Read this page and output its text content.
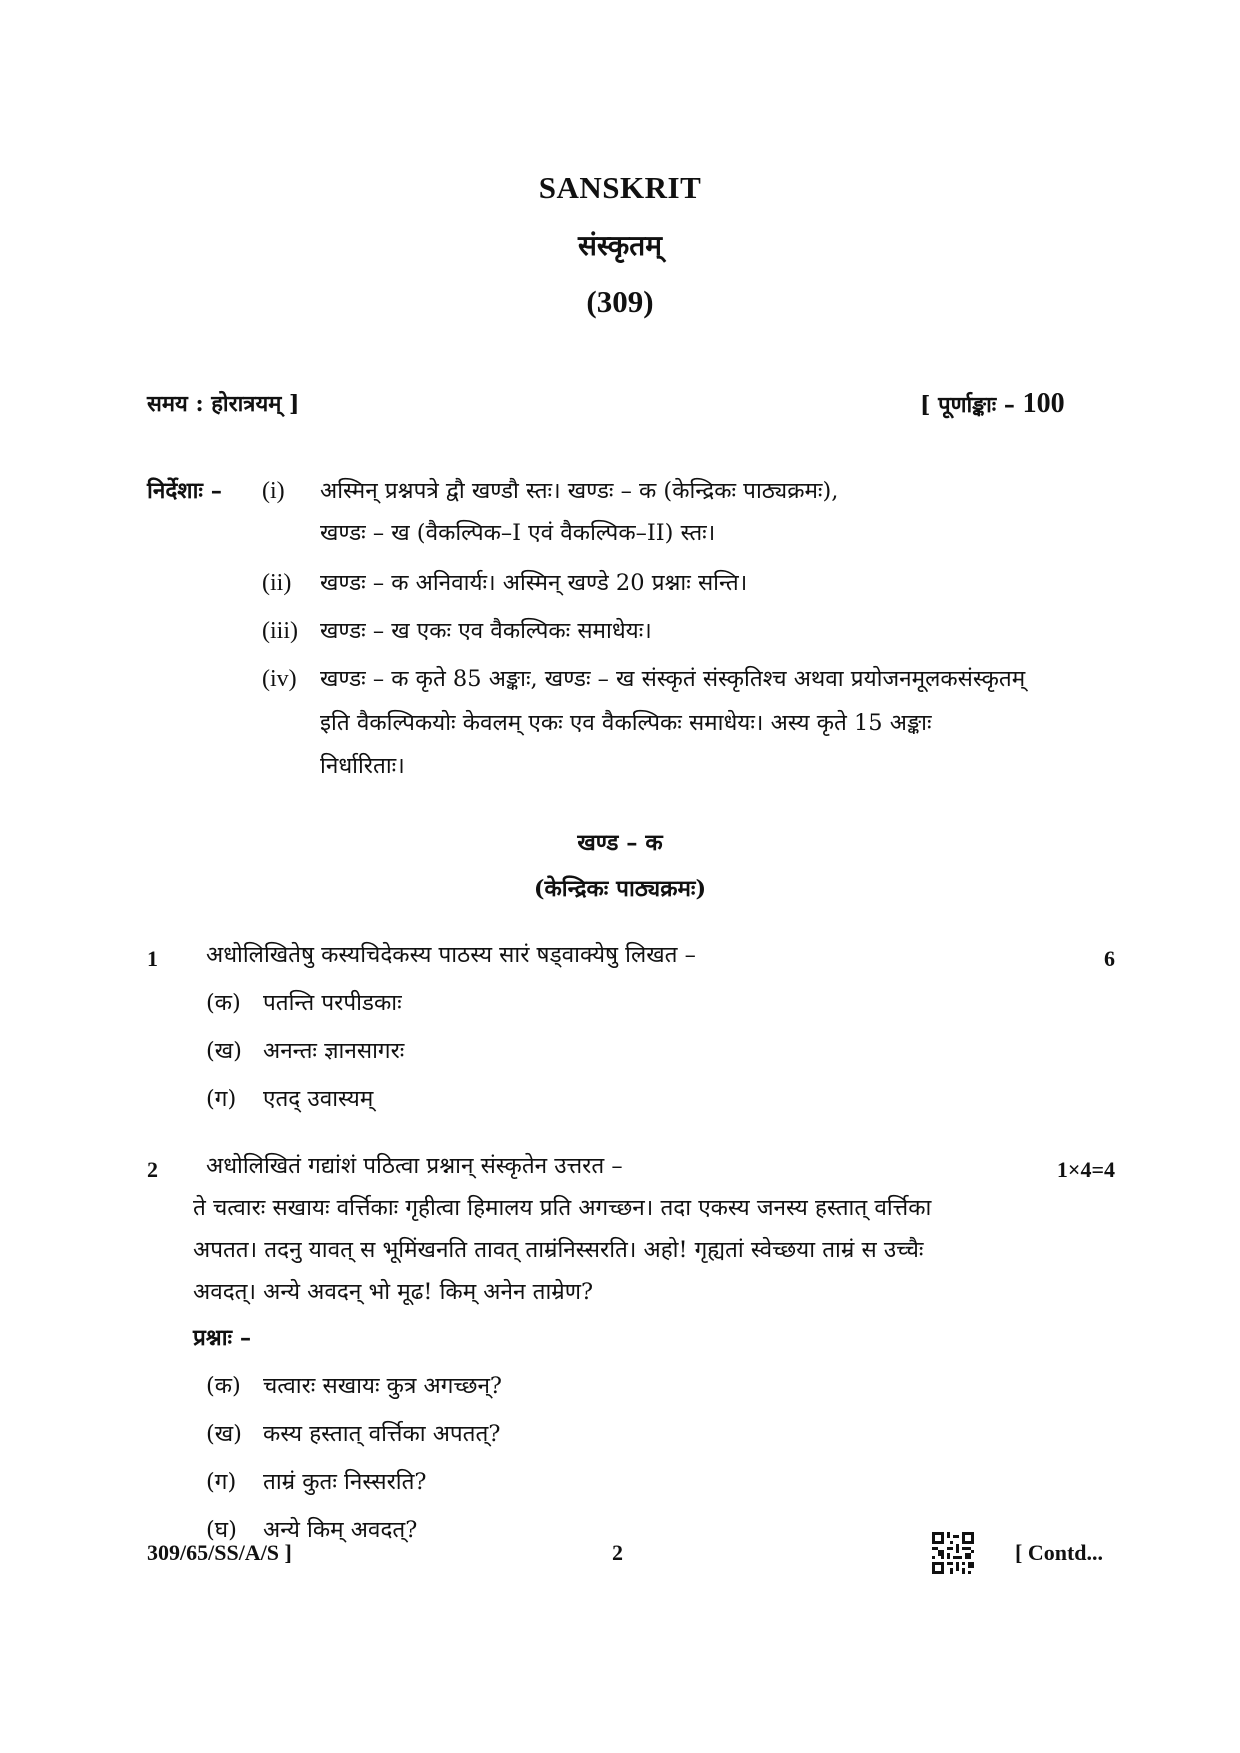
SANSKRIT
संस्कृतम्
(309)
समय : होरात्रयम् ]	[ पूर्णाङ्काः – 100
निर्देशाः – (i) अस्मिन् प्रश्नपत्रे द्वौ खण्डौ स्तः। खण्डः – क (केन्द्रिकः पाठ्यक्रमः),
खण्डः – ख (वैकल्पिक–I एवं वैकल्पिक–II) स्तः।
(ii) खण्डः – क अनिवार्यः। अस्मिन् खण्डे 20 प्रश्नाः सन्ति।
(iii) खण्डः – ख एकः एव वैकल्पिकः समाधेयः।
(iv) खण्डः – क कृते 85 अङ्काः, खण्डः – ख संस्कृतं संस्कृतिश्च अथवा प्रयोजनमूलकसंस्कृतम्
इति वैकल्पिकयोः केवलम् एकः एव वैकल्पिकः समाधेयः। अस्य कृते 15 अङ्काः
निर्धारिताः।
खण्ड – क
(केन्द्रिकः पाठ्यक्रमः)
1 अधोलिखितेषु कस्यचिदेकस्य पाठस्य सारं षड्वाक्येषु लिखत –	6
(क) पतन्ति परपीडकाः
(ख) अनन्तः ज्ञानसागरः
(ग) एतद् उवास्यम्
2 अधोलिखितं गद्यांशं पठित्वा प्रश्नान् संस्कृतेन उत्तरत –	1×4=4
ते चत्वारः सखायः वर्त्तिकाः गृहीत्वा हिमालय प्रति अगच्छन। तदा एकस्य जनस्य हस्तात् वर्त्तिका
अपतत। तदनु यावत् स भूमिंखनति तावत् ताम्रंनिस्सरति। अहो! गृह्यतां स्वेच्छया ताम्रं स उच्चैः
अवदत्। अन्ये अवदन् भो मूढ! किम् अनेन ताम्रेण?
प्रश्नाः –
(क) चत्वारः सखायः कुत्र अगच्छन्?
(ख) कस्य हस्तात् वर्त्तिका अपतत्?
(ग) ताम्रं कुतः निस्सरति?
(घ) अन्ये किम् अवदत्?
309/65/SS/A/S ]	2	[ Contd...
